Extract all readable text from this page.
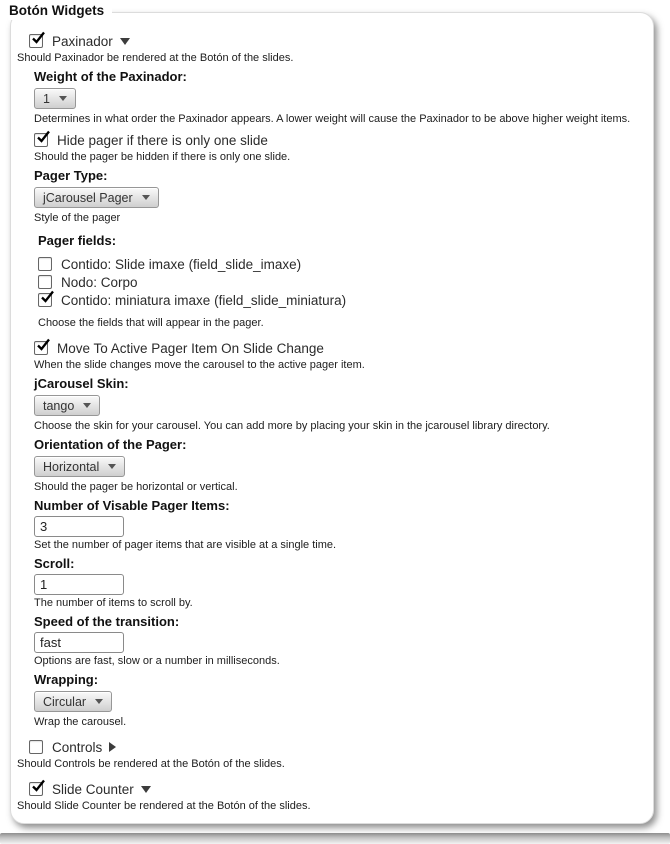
Botón Widgets
Paxinador
Should Paxinador be rendered at the Botón of the slides.
Weight of the Paxinador:
1
Determines in what order the Paxinador appears. A lower weight will cause the Paxinador to be above higher weight items.
Hide pager if there is only one slide
Should the pager be hidden if there is only one slide.
Pager Type:
jCarousel Pager
Style of the pager
Pager fields:
Contido: Slide imaxe (field_slide_imaxe)
Nodo: Corpo
Contido: miniatura imaxe (field_slide_miniatura)
Choose the fields that will appear in the pager.
Move To Active Pager Item On Slide Change
When the slide changes move the carousel to the active pager item.
jCarousel Skin:
tango
Choose the skin for your carousel. You can add more by placing your skin in the jcarousel library directory.
Orientation of the Pager:
Horizontal
Should the pager be horizontal or vertical.
Number of Visable Pager Items:
3
Set the number of pager items that are visible at a single time.
Scroll:
1
The number of items to scroll by.
Speed of the transition:
fast
Options are fast, slow or a number in milliseconds.
Wrapping:
Circular
Wrap the carousel.
Controls
Should Controls be rendered at the Botón of the slides.
Slide Counter
Should Slide Counter be rendered at the Botón of the slides.
